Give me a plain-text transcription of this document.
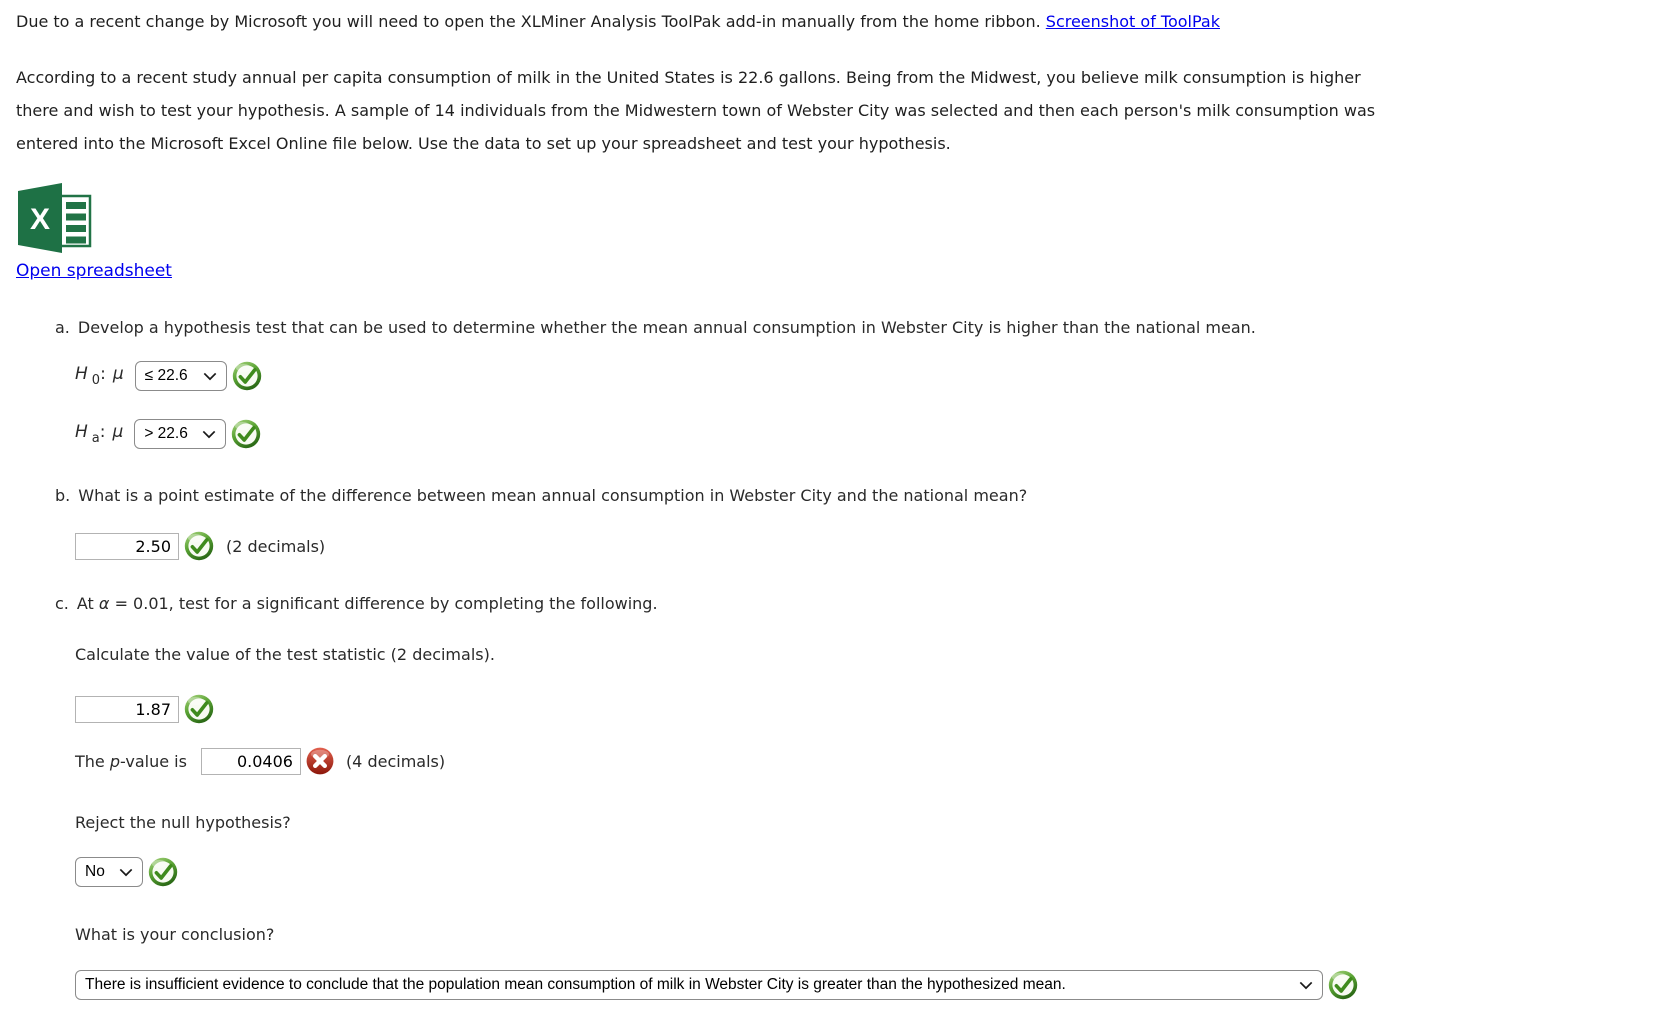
Due to a recent change by Microsoft you will need to open the XLMiner Analysis ToolPak add-in manually from the home ribbon. Screenshot of ToolPak
According to a recent study annual per capita consumption of milk in the United States is 22.6 gallons. Being from the Midwest, you believe milk consumption is higher
there and wish to test your hypothesis. A sample of 14 individuals from the Midwestern town of Webster City was selected and then each person's milk consumption was
entered into the Microsoft Excel Online file below. Use the data to set up your spreadsheet and test your hypothesis.
X
Open spreadsheet
a. Develop a hypothesis test that can be used to determine whether the mean annual consumption in Webster City is higher than the national mean.
H $_0$: μ ≤ 22.6
H $_a$: μ > 22.6
b. What is a point estimate of the difference between mean annual consumption in Webster City and the national mean?
2.50
(2 decimals)
c. At α = 0.01, test for a significant difference by completing the following.
Calculate the value of the test statistic (2 decimals).
1.87
The p-value is
0.0406	(4 decimals)
Reject the null hypothesis?
No
What is your conclusion?
There is insufficient evidence to conclude that the population mean consumption of milk in Webster City is greater than the hypothesized mean.
